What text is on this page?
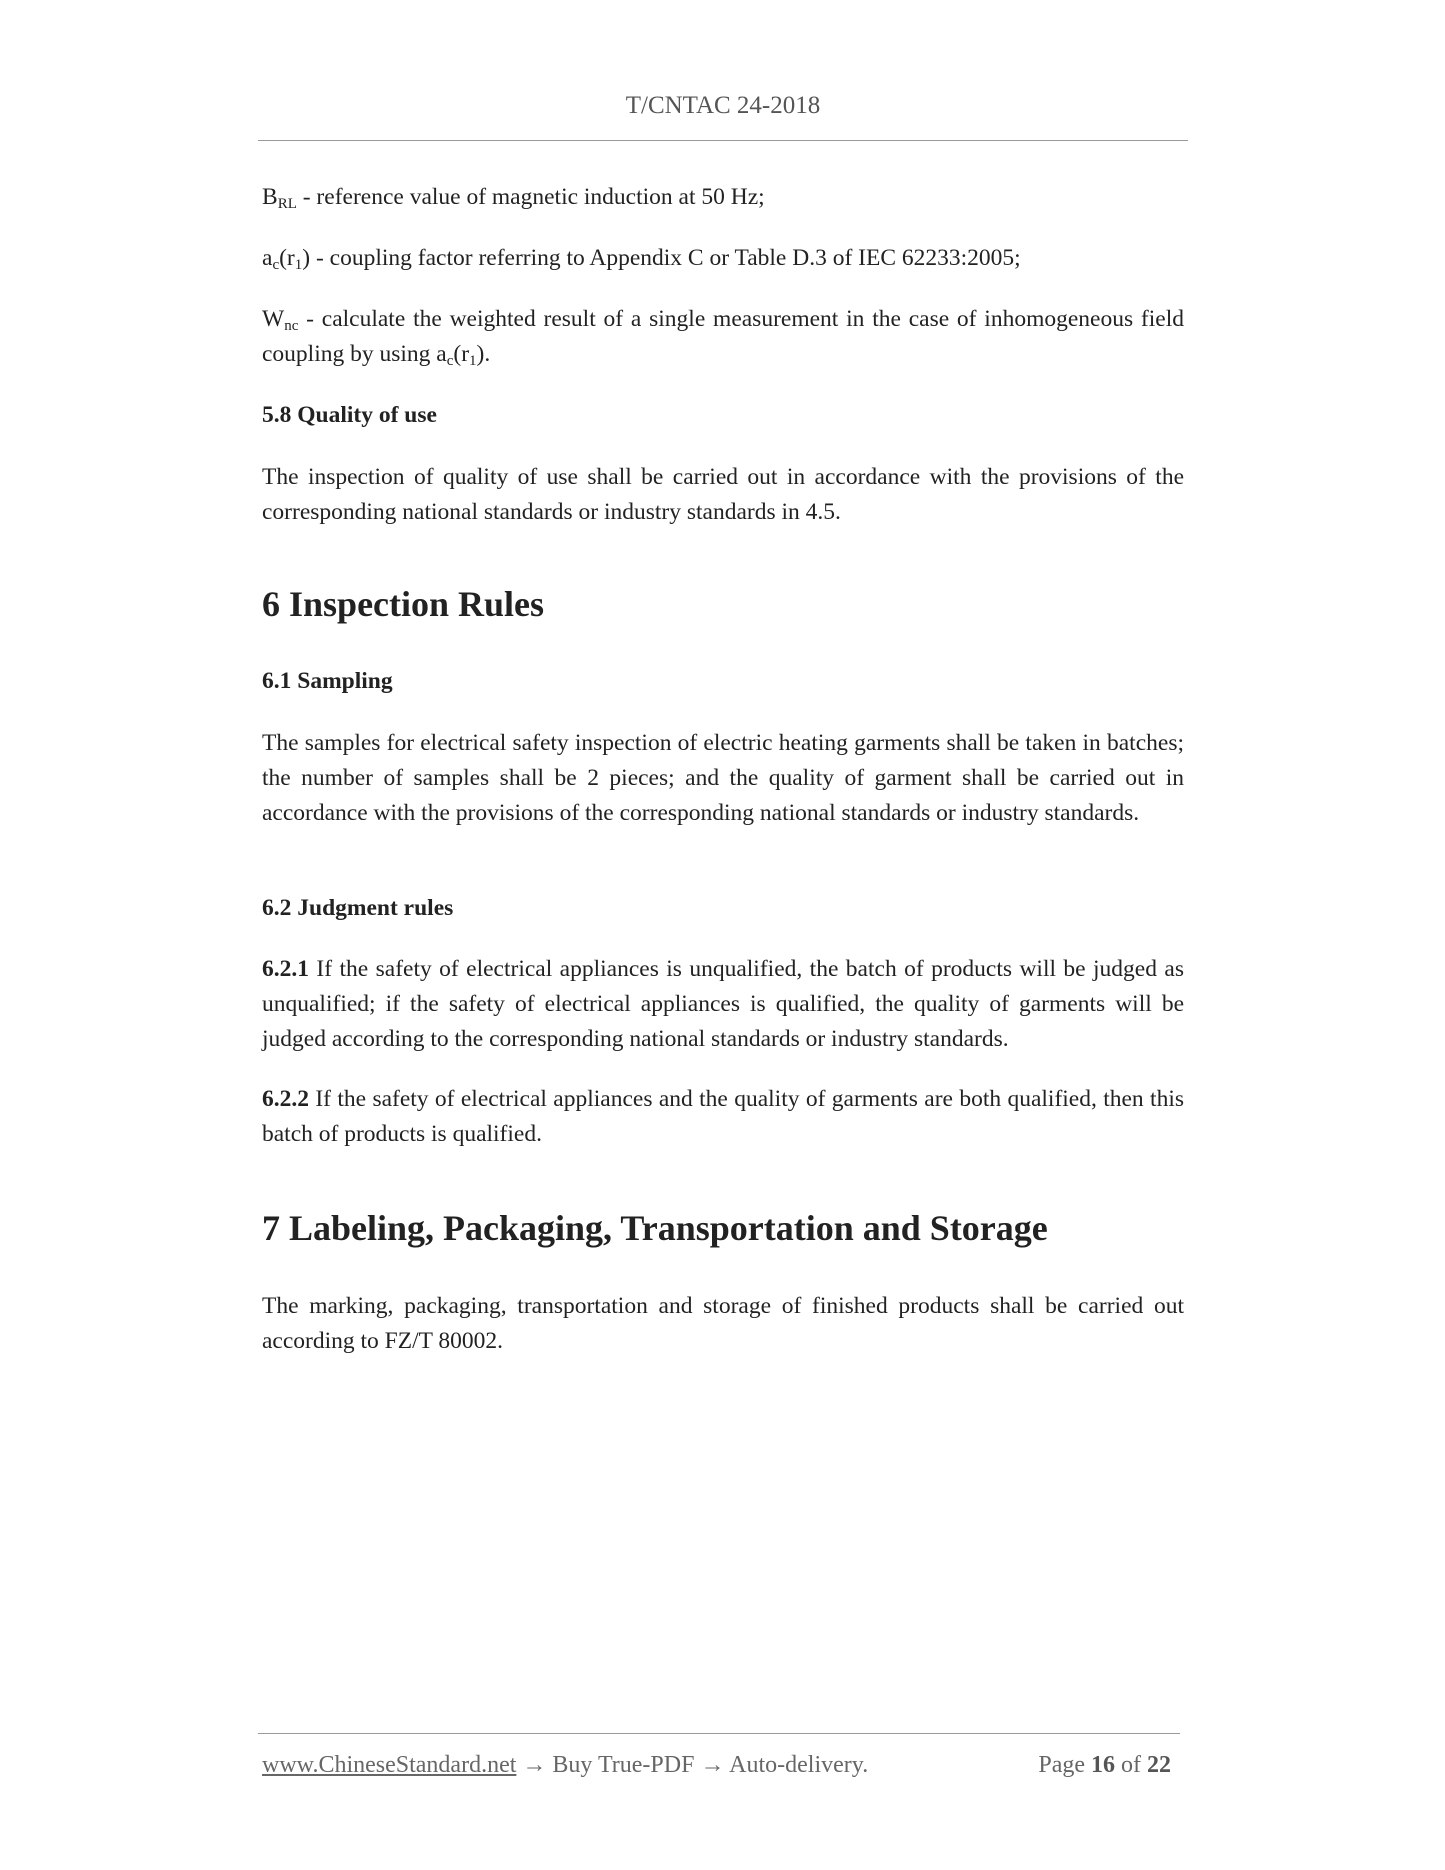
T/CNTAC 24-2018

$B_{RL}$ - reference value of magnetic induction at 50 Hz;

$a_c(r_1)$ - coupling factor referring to Appendix C or Table D.3 of IEC 62233:2005;

$W_{nc}$ - calculate the weighted result of a single measurement in the case of inhomogeneous field coupling by using $a_c(r_1)$.

5.8 Quality of use

The inspection of quality of use shall be carried out in accordance with the provisions of the corresponding national standards or industry standards in 4.5.

6 Inspection Rules

6.1 Sampling

The samples for electrical safety inspection of electric heating garments shall be taken in batches; the number of samples shall be 2 pieces; and the quality of garment shall be carried out in accordance with the provisions of the corresponding national standards or industry standards.

6.2 Judgment rules

6.2.1 If the safety of electrical appliances is unqualified, the batch of products will be judged as unqualified; if the safety of electrical appliances is qualified, the quality of garments will be judged according to the corresponding national standards or industry standards.

6.2.2 If the safety of electrical appliances and the quality of garments are both qualified, then this batch of products is qualified.

7 Labeling, Packaging, Transportation and Storage

The marking, packaging, transportation and storage of finished products shall be carried out according to FZ/T 80002.

www.ChineseStandard.net → Buy True-PDF → Auto-delivery.	Page 16 of 22
